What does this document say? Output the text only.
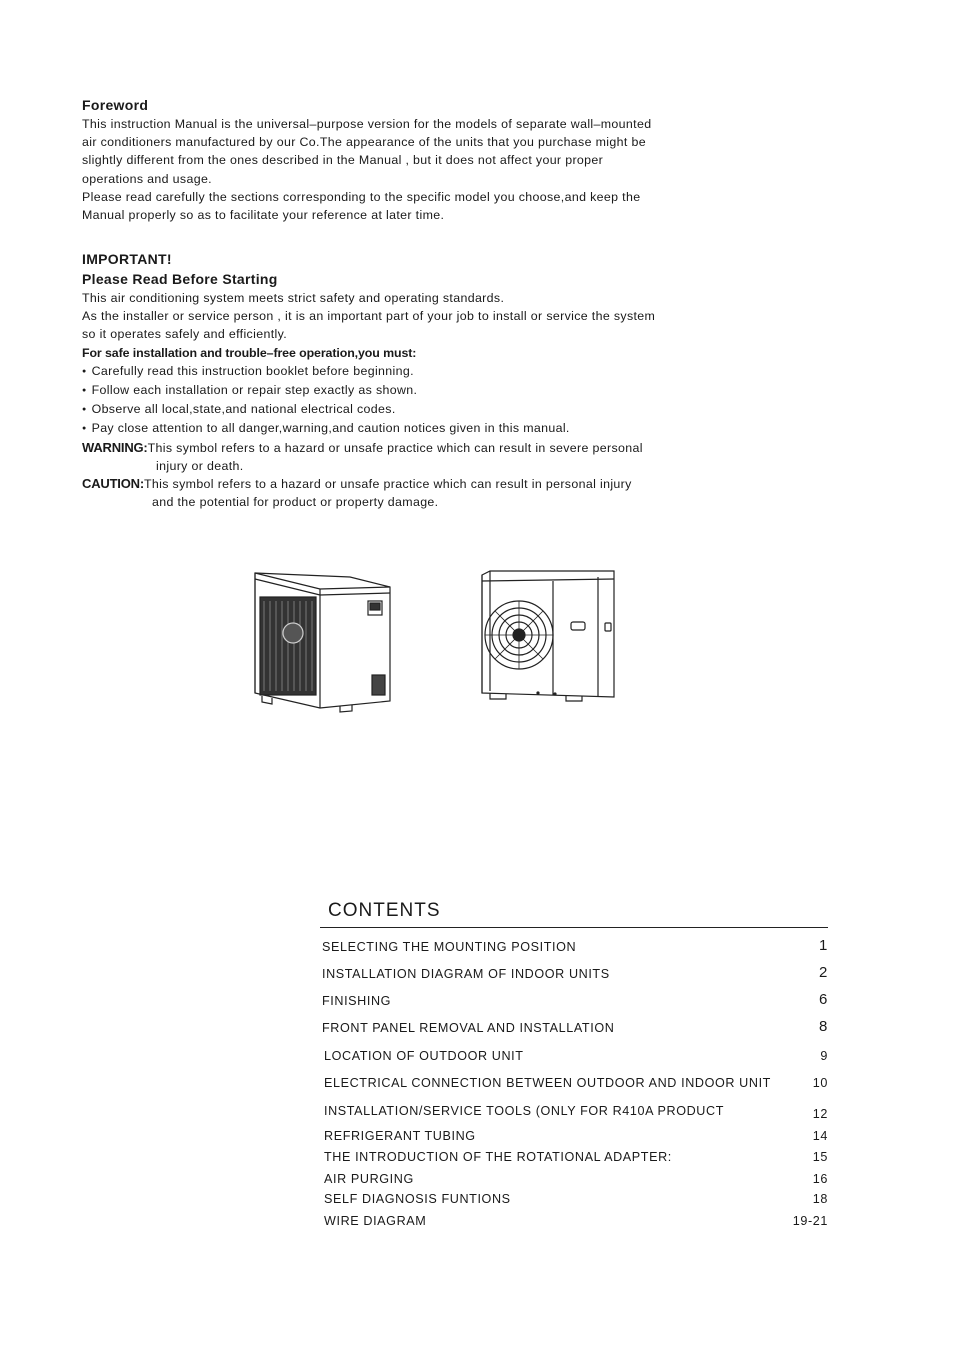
Foreword

This instruction Manual is the universal–purpose version for the models of separate wall–mounted

air conditioners manufactured by our Co.The appearance of the units that you purchase might be

slightly different from the ones described in the Manual , but it does not affect your proper

operations and usage.

Please read carefully the sections corresponding to the specific model you choose,and keep the

Manual properly so as to facilitate your reference at later time.

IMPORTANT!

Please Read Before Starting

This air conditioning system meets strict safety and operating standards.

As the installer or service person , it is an important part of your job to install or service the system

so it operates safely and efficiently.

For safe installation and trouble–free operation,you must:

● Carefully read this instruction booklet before beginning.

● Follow each installation or repair step exactly as shown.

● Observe all local,state,and national electrical codes.

● Pay close attention to all danger,warning,and caution notices given in this manual.

WARNING:This symbol refers to a hazard or unsafe practice which can result in severe personal

injury or death.

CAUTION:This symbol refers to a hazard or unsafe practice which can result in personal injury

and the potential for product or property damage.

CONTENTS
SELECTING THE MOUNTING POSITION	1
INSTALLATION DIAGRAM OF INDOOR UNITS	2
FINISHING	6
FRONT PANEL REMOVAL AND INSTALLATION	8
LOCATION OF OUTDOOR UNIT	9
ELECTRICAL CONNECTION BETWEEN OUTDOOR AND INDOOR UNIT	10
INSTALLATION/SERVICE TOOLS (ONLY FOR R410A PRODUCT	12
REFRIGERANT TUBING	14
THE INTRODUCTION OF THE ROTATIONAL ADAPTER:	15
AIR PURGING	16
SELF DIAGNOSIS FUNTIONS	18
WIRE DIAGRAM	19-21
